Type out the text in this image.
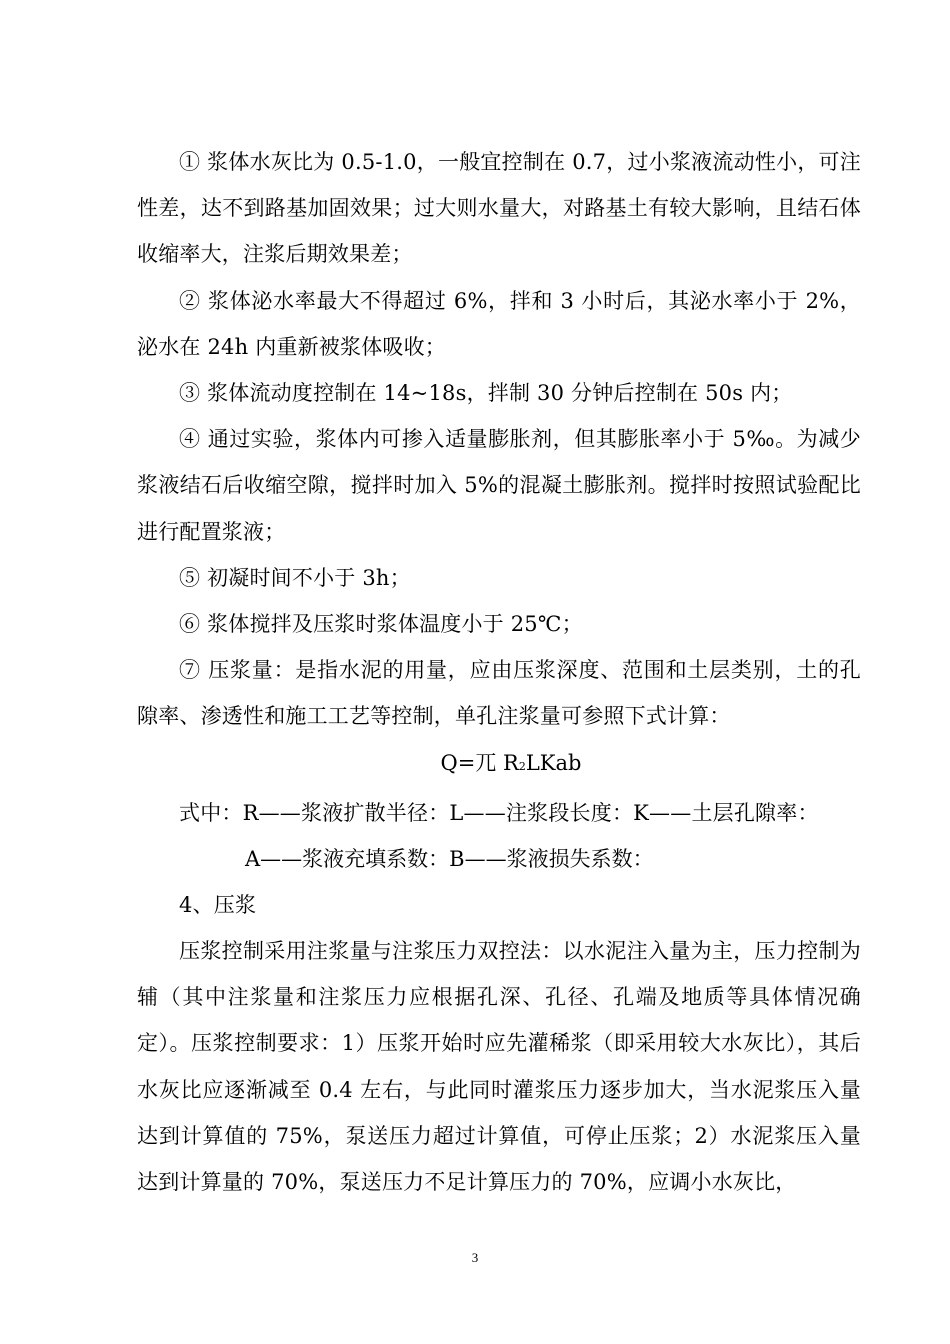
① 浆体水灰比为 0.5-1.0，一般宜控制在 0.7，过小浆液流动性小，可注性差，达不到路基加固效果；过大则水量大，对路基土有较大影响，且结石体收缩率大，注浆后期效果差；

② 浆体泌水率最大不得超过 6%，拌和 3 小时后，其泌水率小于 2%，泌水在 24h 内重新被浆体吸收；

③ 浆体流动度控制在 14~18s，拌制 30 分钟后控制在 50s 内；

④ 通过实验，浆体内可掺入适量膨胀剂，但其膨胀率小于 5‰。为减少浆液结石后收缩空隙，搅拌时加入 5%的混凝土膨胀剂。搅拌时按照试验配比进行配置浆液；

⑤ 初凝时间不小于 3h；

⑥ 浆体搅拌及压浆时浆体温度小于 25℃；

⑦ 压浆量：是指水泥的用量，应由压浆深度、范围和土层类别，土的孔隙率、渗透性和施工工艺等控制，单孔注浆量可参照下式计算：

Q=兀 R2LKab

式中：R——浆液扩散半径：L——注浆段长度：K——土层孔隙率：

A——浆液充填系数：B——浆液损失系数：

4、压浆

压浆控制采用注浆量与注浆压力双控法：以水泥注入量为主，压力控制为辅（其中注浆量和注浆压力应根据孔深、孔径、孔端及地质等具体情况确定）。压浆控制要求：1）压浆开始时应先灌稀浆（即采用较大水灰比），其后水灰比应逐渐减至 0.4 左右，与此同时灌浆压力逐步加大，当水泥浆压入量达到计算值的 75%，泵送压力超过计算值，可停止压浆；2）水泥浆压入量达到计算量的 70%，泵送压力不足计算压力的 70%，应调小水灰比，

3
